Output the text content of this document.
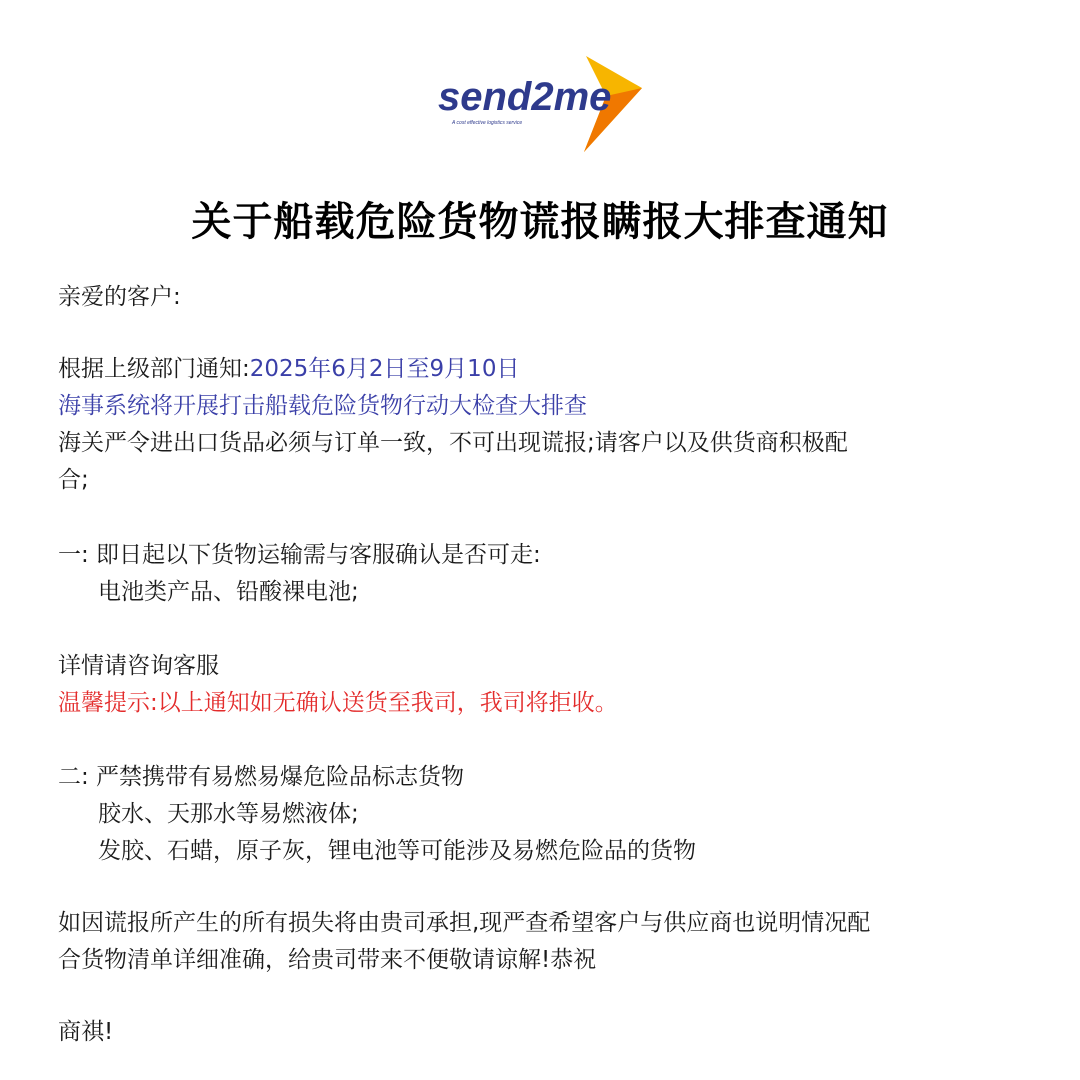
send2me
A cost effective logistics service
关于船载危险货物谎报瞒报大排查通知
亲爱的客户:
根据上级部门通知:2025年6月2日至9月10日
海事系统将开展打击船载危险货物行动大检查大排查
海关严令进出口货品必须与订单一致，不可出现谎报;请客户以及供货商积极配
合;
一: 即日起以下货物运输需与客服确认是否可走:
电池类产品、铅酸裸电池;
详情请咨询客服
温馨提示:以上通知如无确认送货至我司，我司将拒收。
二: 严禁携带有易燃易爆危险品标志货物
胶水、天那水等易燃液体;
发胶、石蜡，原子灰，锂电池等可能涉及易燃危险品的货物
如因谎报所产生的所有损失将由贵司承担,现严查希望客户与供应商也说明情况配
合货物清单详细准确，给贵司带来不便敬请谅解!恭祝
商祺!
